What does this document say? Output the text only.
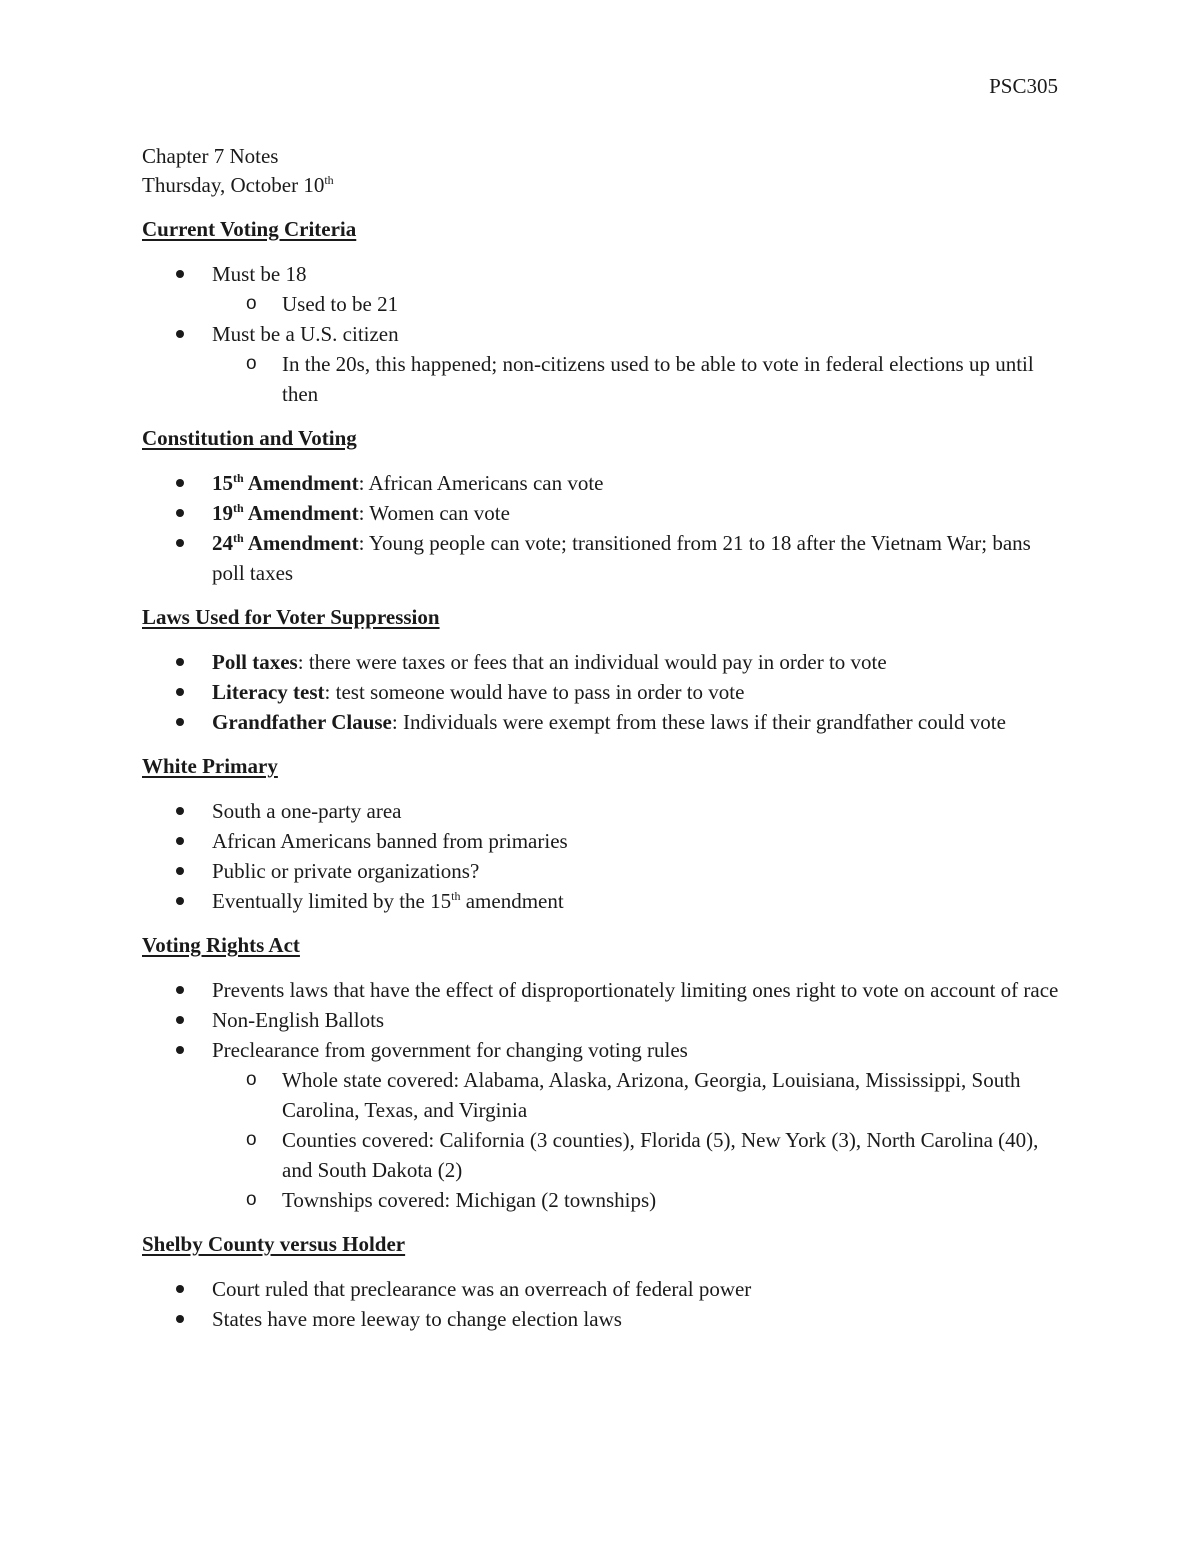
PSC305
Chapter 7 Notes
Thursday, October 10th
Current Voting Criteria
Must be 18
o Used to be 21
Must be a U.S. citizen
o In the 20s, this happened; non-citizens used to be able to vote in federal elections up until then
Constitution and Voting
15th Amendment: African Americans can vote
19th Amendment: Women can vote
24th Amendment: Young people can vote; transitioned from 21 to 18 after the Vietnam War; bans poll taxes
Laws Used for Voter Suppression
Poll taxes: there were taxes or fees that an individual would pay in order to vote
Literacy test: test someone would have to pass in order to vote
Grandfather Clause: Individuals were exempt from these laws if their grandfather could vote
White Primary
South a one-party area
African Americans banned from primaries
Public or private organizations?
Eventually limited by the 15th amendment
Voting Rights Act
Prevents laws that have the effect of disproportionately limiting ones right to vote on account of race
Non-English Ballots
Preclearance from government for changing voting rules
o Whole state covered: Alabama, Alaska, Arizona, Georgia, Louisiana, Mississippi, South Carolina, Texas, and Virginia
o Counties covered: California (3 counties), Florida (5), New York (3), North Carolina (40), and South Dakota (2)
o Townships covered: Michigan (2 townships)
Shelby County versus Holder
Court ruled that preclearance was an overreach of federal power
States have more leeway to change election laws
